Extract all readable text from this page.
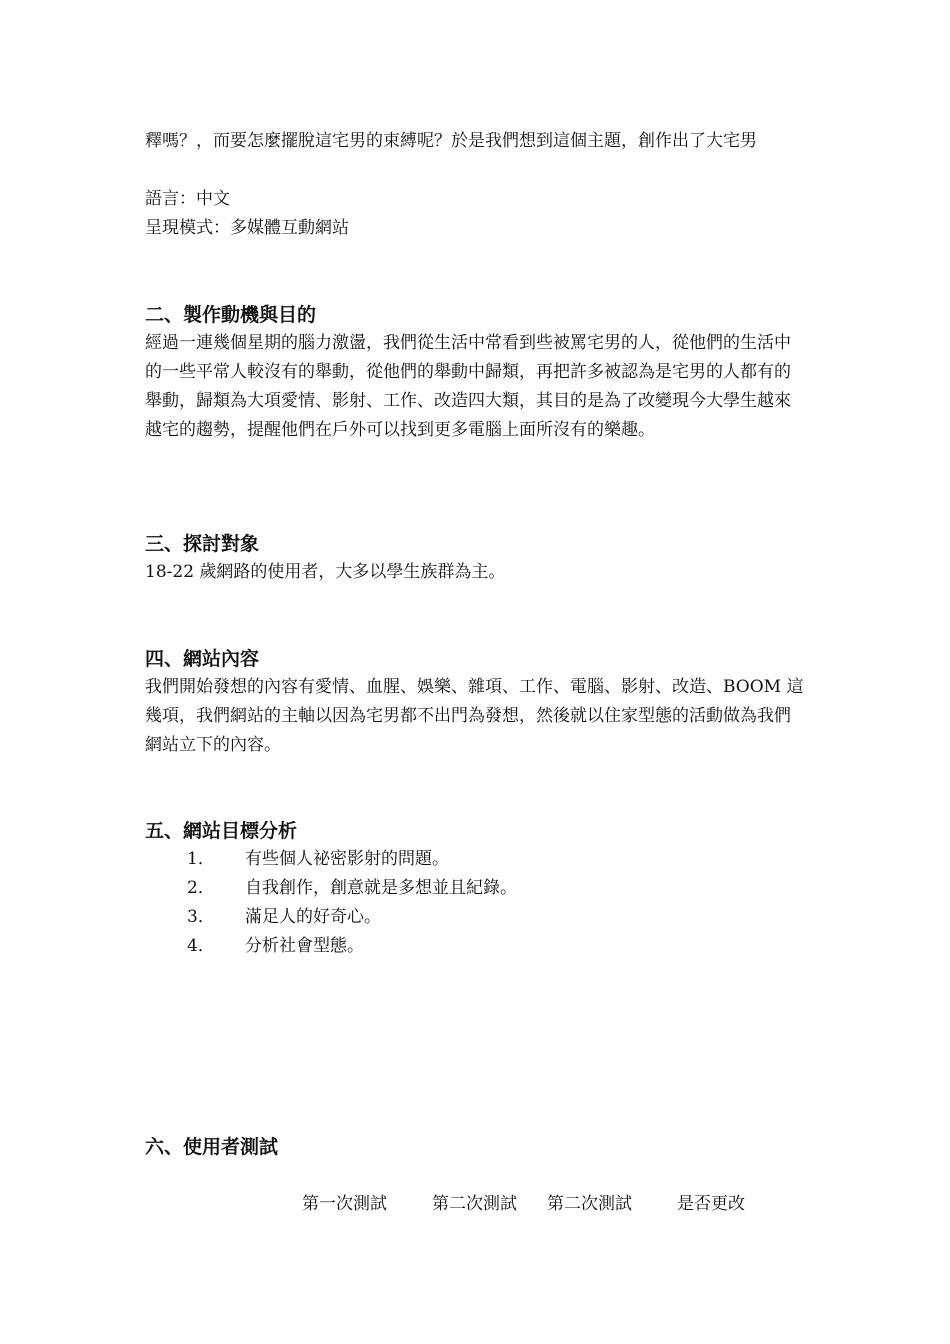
釋嗎？，而要怎麼擺脫這宅男的束縛呢？於是我們想到這個主題，創作出了大宅男

語言：中文
呈現模式：多媒體互動網站
二、製作動機與目的

經過一連幾個星期的腦力激盪，我們從生活中常看到些被罵宅男的人，從他們的生活中的一些平常人較沒有的舉動，從他們的舉動中歸類，再把許多被認為是宅男的人都有的舉動，歸類為大項愛情、影射、工作、改造四大類，其目的是為了改變現今大學生越來越宅的趨勢，提醒他們在戶外可以找到更多電腦上面所沒有的樂趣。

三、探討對象
18-22 歲網路的使用者，大多以學生族群為主。
四、網站內容

我們開始發想的內容有愛情、血腥、娛樂、雜項、工作、電腦、影射、改造、BOOM 這幾項，我們網站的主軸以因為宅男都不出門為發想，然後就以住家型態的活動做為我們網站立下的內容。

五、網站目標分析
1． 有些個人祕密影射的問題。
2． 自我創作，創意就是多想並且紀錄。
3． 滿足人的好奇心。
4． 分析社會型態。
六、使用者測試
第一次測試	第二次測試 第二次測試	是否更改
